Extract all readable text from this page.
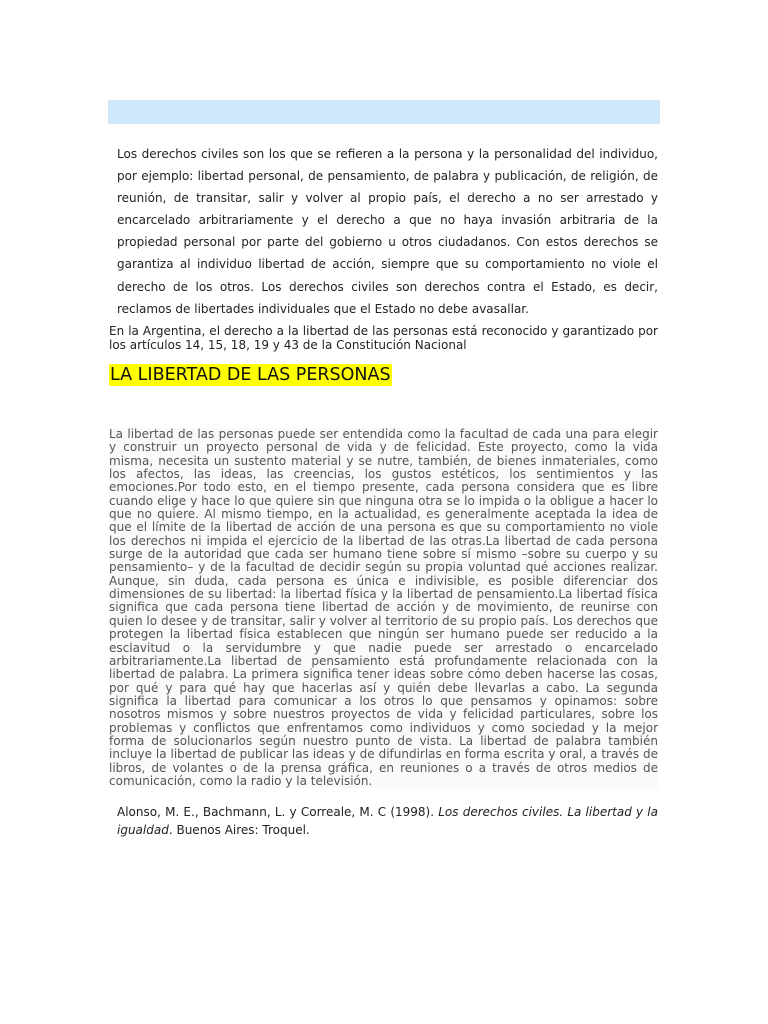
Los derechos civiles son los que se refieren a la persona y la personalidad del individuo, por ejemplo: libertad personal, de pensamiento, de palabra y publicación, de religión, de reunión, de transitar, salir y volver al propio país, el derecho a no ser arrestado y encarcelado arbitrariamente y el derecho a que no haya invasión arbitraria de la propiedad personal por parte del gobierno u otros ciudadanos. Con estos derechos se garantiza al individuo libertad de acción, siempre que su comportamiento no viole el derecho de los otros. Los derechos civiles son derechos contra el Estado, es decir, reclamos de libertades individuales que el Estado no debe avasallar.

En la Argentina, el derecho a la libertad de las personas está reconocido y garantizado por los artículos 14, 15, 18, 19 y 43 de la Constitución Nacional

LA LIBERTAD DE LAS PERSONAS

La libertad de las personas puede ser entendida como la facultad de cada una para elegir y construir un proyecto personal de vida y de felicidad. Este proyecto, como la vida misma, necesita un sustento material y se nutre, también, de bienes inmateriales, como los afectos, las ideas, las creencias, los gustos estéticos, los sentimientos y las emociones.Por todo esto, en el tiempo presente, cada persona considera que es libre cuando elige y hace lo que quiere sin que ninguna otra se lo impida o la obligue a hacer lo que no quiere. Al mismo tiempo, en la actualidad, es generalmente aceptada la idea de que el límite de la libertad de acción de una persona es que su comportamiento no viole los derechos ni impida el ejercicio de la libertad de las otras.La libertad de cada persona surge de la autoridad que cada ser humano tiene sobre sí mismo –sobre su cuerpo y su pensamiento– y de la facultad de decidir según su propia voluntad qué acciones realizar. Aunque, sin duda, cada persona es única e indivisible, es posible diferenciar dos dimensiones de su libertad: la libertad física y la libertad de pensamiento.La libertad física significa que cada persona tiene libertad de acción y de movimiento, de reunirse con quien lo desee y de transitar, salir y volver al territorio de su propio país. Los derechos que protegen la libertad física establecen que ningún ser humano puede ser reducido a la esclavitud o la servidumbre y que nadie puede ser arrestado o encarcelado arbitrariamente.La libertad de pensamiento está profundamente relacionada con la libertad de palabra. La primera significa tener ideas sobre cómo deben hacerse las cosas, por qué y para qué hay que hacerlas así y quién debe llevarlas a cabo. La segunda significa la libertad para comunicar a los otros lo que pensamos y opinamos: sobre nosotros mismos y sobre nuestros proyectos de vida y felicidad particulares, sobre los problemas y conflictos que enfrentamos como individuos y como sociedad y la mejor forma de solucionarlos según nuestro punto de vista. La libertad de palabra también incluye la libertad de publicar las ideas y de difundirlas en forma escrita y oral, a través de libros, de volantes o de la prensa gráfica, en reuniones o a través de otros medios de comunicación, como la radio y la televisión.

Alonso, M. E., Bachmann, L. y Correale, M. C (1998). Los derechos civiles. La libertad y la igualdad. Buenos Aires: Troquel.
